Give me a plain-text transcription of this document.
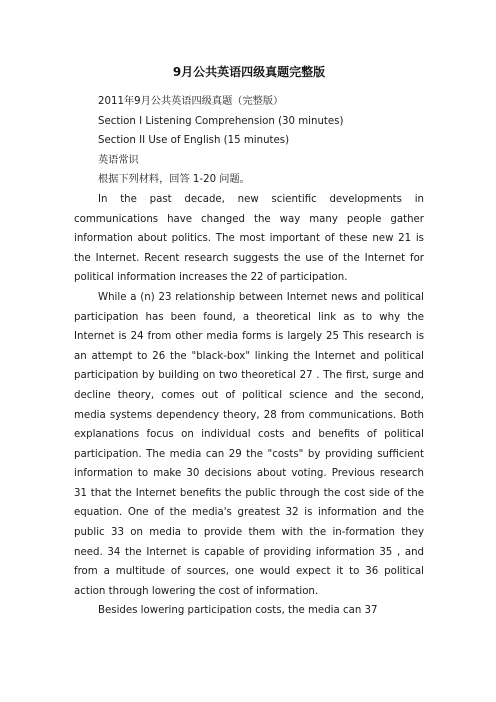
9月公共英语四级真题完整版

2011年9月公共英语四级真题（完整版）

Section I Listening Comprehension (30 minutes)

Section II Use of English (15 minutes)

英语常识

根据下列材料，回答 1-20 问题。

In the past decade, new scientific developments in communications have changed the way many people gather information about politics. The most important of these new 21 is the Internet. Recent research suggests the use of the Internet for political information increases the 22 of participation.

While a (n) 23 relationship between Internet news and political participation has been found, a theoretical link as to why the Internet is 24 from other media forms is largely 25 This research is an attempt to 26 the "black-box" linking the Internet and political participation by building on two theoretical 27 . The first, surge and decline theory, comes out of political science and the second, media systems dependency theory, 28 from communications. Both explanations focus on individual costs and benefits of political participation. The media can 29 the "costs" by providing sufficient information to make 30 decisions about voting. Previous research 31 that the Internet benefits the public through the cost side of the equation. One of the media's greatest 32 is information and the public 33 on media to provide them with the in-formation they need. 34 the Internet is capable of providing information 35 , and from a multitude of sources, one would expect it to 36 political action through lowering the cost of information.

Besides lowering participation costs, the media can 37
